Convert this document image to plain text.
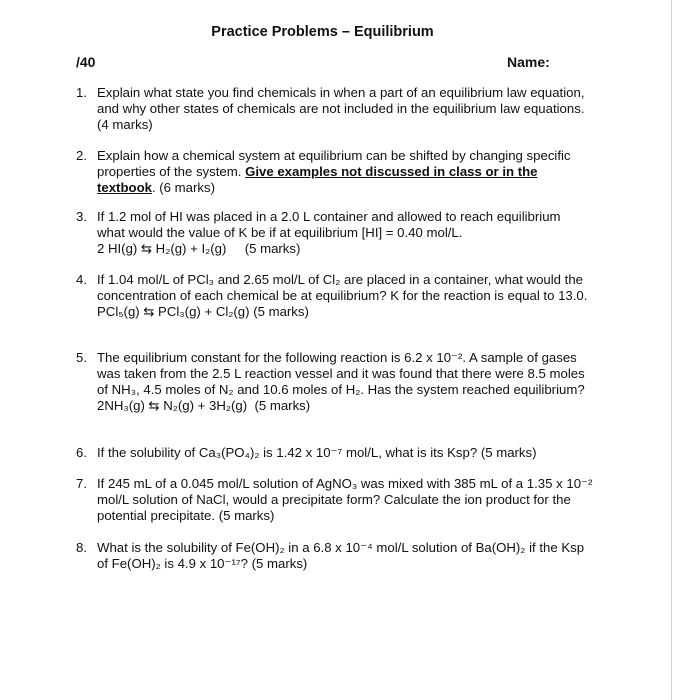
Practice Problems – Equilibrium
/40	Name:
1. Explain what state you find chemicals in when a part of an equilibrium law equation, and why other states of chemicals are not included in the equilibrium law equations. (4 marks)
2. Explain how a chemical system at equilibrium can be shifted by changing specific properties of the system. Give examples not discussed in class or in the textbook. (6 marks)
3. If 1.2 mol of HI was placed in a 2.0 L container and allowed to reach equilibrium
what would the value of K be if at equilibrium [HI] = 0.40 mol/L.
2 HI(g) ⇆ H₂(g) + I₂(g) (5 marks)
4. If 1.04 mol/L of PCl₃ and 2.65 mol/L of Cl₂ are placed in a container, what would the concentration of each chemical be at equilibrium? K for the reaction is equal to 13.0.
PCl₅(g) ⇆ PCl₃(g) + Cl₂(g) (5 marks)
5. The equilibrium constant for the following reaction is 6.2 x 10⁻². A sample of gases was taken from the 2.5 L reaction vessel and it was found that there were 8.5 moles of NH₃, 4.5 moles of N₂ and 10.6 moles of H₂. Has the system reached equilibrium?
2NH₃(g) ⇆ N₂(g) + 3H₂(g) (5 marks)
6. If the solubility of Ca₃(PO₄)₂ is 1.42 x 10⁻⁷ mol/L, what is its Ksp? (5 marks)
7. If 245 mL of a 0.045 mol/L solution of AgNO₃ was mixed with 385 mL of a 1.35 x 10⁻² mol/L solution of NaCl, would a precipitate form? Calculate the ion product for the potential precipitate. (5 marks)
8. What is the solubility of Fe(OH)₂ in a 6.8 x 10⁻⁴ mol/L solution of Ba(OH)₂ if the Ksp of Fe(OH)₂ is 4.9 x 10⁻¹⁷? (5 marks)
